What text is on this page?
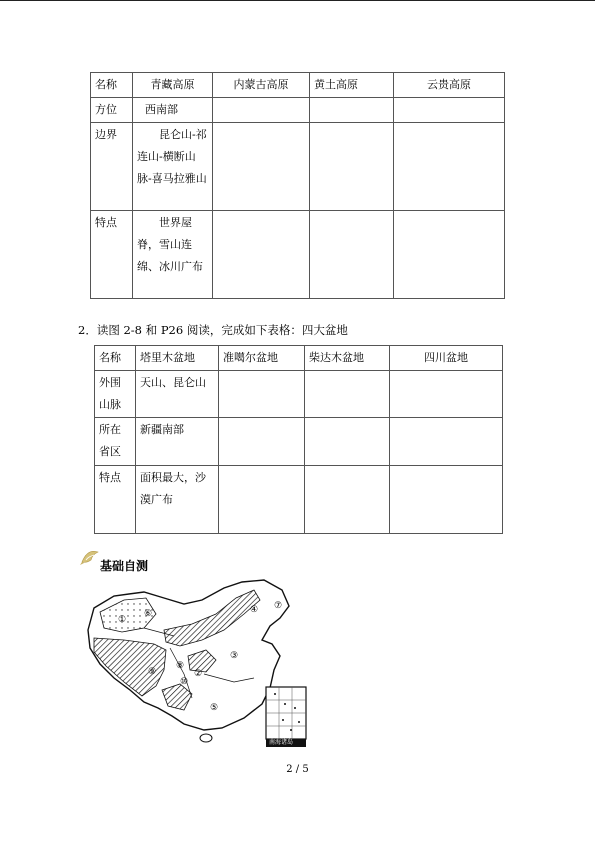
名称	青藏高原	内蒙古高原	黄土高原	云贵高原
方位	西南部			
边界	昆仑山-祁连山-横断山脉-喜马拉雅山			
特点	世界屋脊，雪山连绵、冰川广布			
2．读图 2-8 和 P26 阅读，完成如下表格：四大盆地
名称	塔里木盆地	准噶尔盆地	柴达木盆地	四川盆地
外围山脉	天山、昆仑山			
所在省区	新疆南部			
特点	面积最大，沙漠广布			
基础自测
①
②
③
④
⑤
⑥
⑦
⑧
⑨
⑩
南海诸岛
2 / 5
